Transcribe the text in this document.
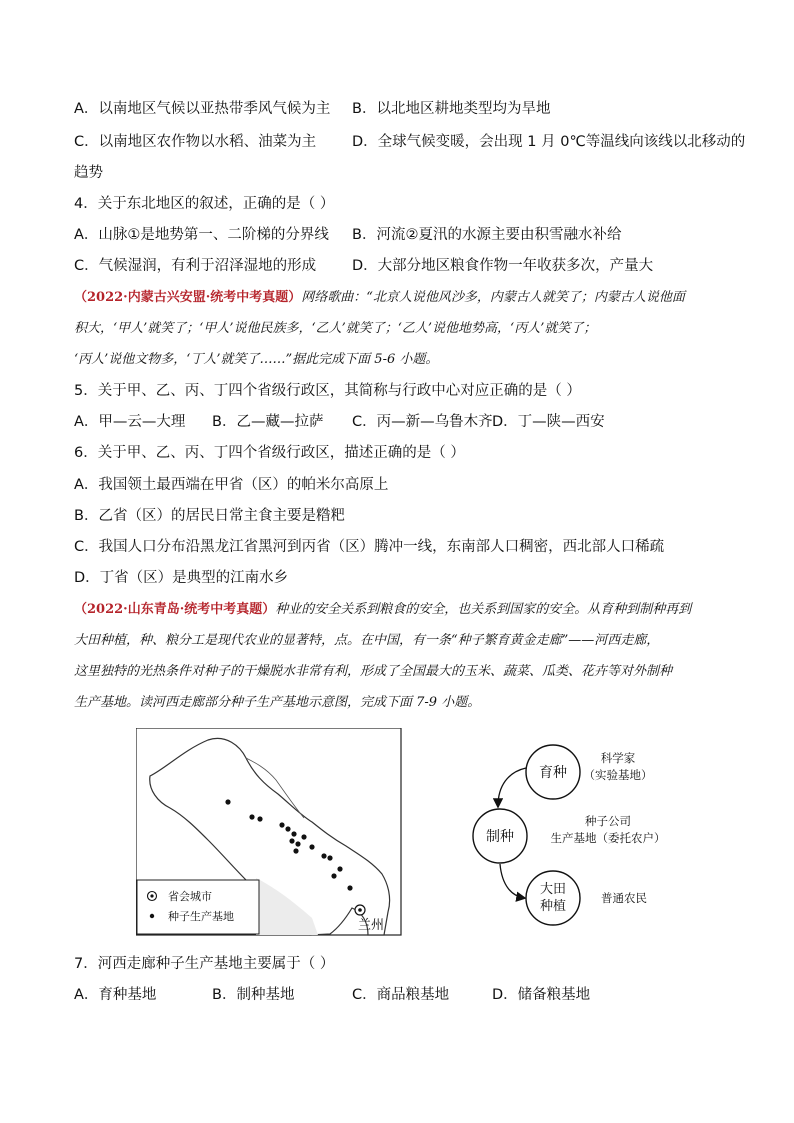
A．以南地区气候以亚热带季风气候为主 B．以北地区耕地类型均为旱地
C．以南地区农作物以水稻、油菜为主 D．全球气候变暖，会出现 1 月 0℃等温线向该线以北移动的
趋势
4．关于东北地区的叙述，正确的是（ ）
A．山脉①是地势第一、二阶梯的分界线 B．河流②夏汛的水源主要由积雪融水补给
C．气候湿润，有利于沼泽湿地的形成 D．大部分地区粮食作物一年收获多次，产量大
（2022·内蒙古兴安盟·统考中考真题）网络歌曲：“北京人说他风沙多，内蒙古人就笑了；内蒙古人说他面
积大，‘甲人’就笑了；‘甲人’说他民族多，‘乙人’就笑了；‘乙人’说他地势高，‘丙人’就笑了；
‘丙人’说他文物多，‘丁人’就笑了……”据此完成下面 5-6 小题。
5．关于甲、乙、丙、丁四个省级行政区，其简称与行政中心对应正确的是（ ）
A．甲—云—大理 B．乙—藏—拉萨 C．丙—新—乌鲁木齐 D．丁—陕—西安
6．关于甲、乙、丙、丁四个省级行政区，描述正确的是（ ）
A．我国领土最西端在甲省（区）的帕米尔高原上
B．乙省（区）的居民日常主食主要是糌粑
C．我国人口分布沿黑龙江省黑河到丙省（区）腾冲一线，东南部人口稠密，西北部人口稀疏
D．丁省（区）是典型的江南水乡
（2022·山东青岛·统考中考真题）种业的安全关系到粮食的安全，也关系到国家的安全。从育种到制种再到
大田种植，种、粮分工是现代农业的显著特，点。在中国，有一条“种子繁育黄金走廊”——河西走廊，
这里独特的光热条件对种子的干燥脱水非常有利，形成了全国最大的玉米、蔬菜、瓜类、花卉等对外制种
生产基地。读河西走廊部分种子生产基地示意图，完成下面 7-9 小题。
兰州
省会城市
种子生产基地
育种
制种
大田
种植
科学家
（实验基地）
种子公司
生产基地（委托农户）
普通农民
7．河西走廊种子生产基地主要属于（ ）
A．育种基地	B．制种基地	C．商品粮基地	D．储备粮基地
